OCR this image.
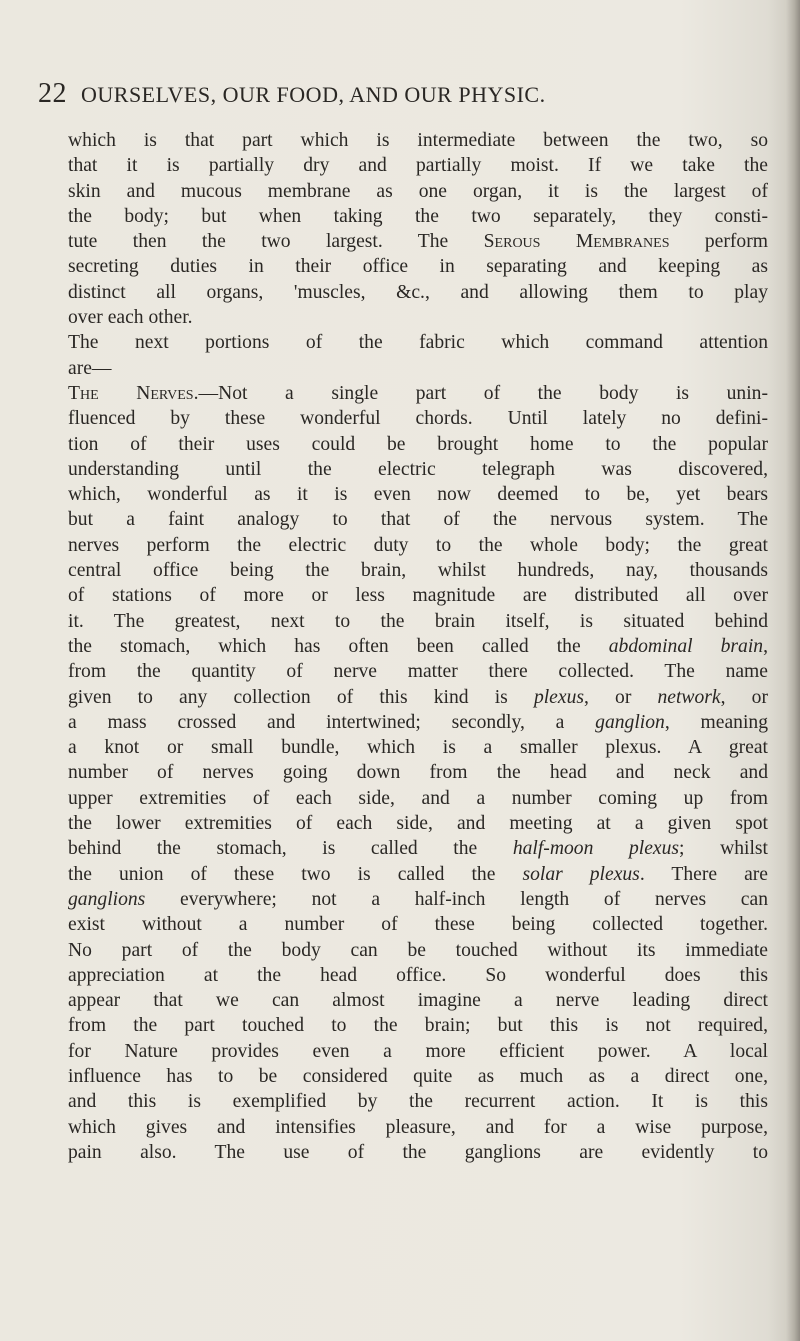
22 OURSELVES, OUR FOOD, AND OUR PHYSIC.
which is that part which is intermediate between the two, so
that it is partially dry and partially moist. If we take the
skin and mucous membrane as one organ, it is the largest of
the body; but when taking the two separately, they consti-
tute then the two largest. The Serous Membranes perform
secreting duties in their office in separating and keeping as
distinct all organs, 'muscles, &c., and allowing them to play
over each other.
The next portions of the fabric which command attention
are—
The Nerves.—Not a single part of the body is unin-
fluenced by these wonderful chords. Until lately no defini-
tion of their uses could be brought home to the popular
understanding until the electric telegraph was discovered,
which, wonderful as it is even now deemed to be, yet bears
but a faint analogy to that of the nervous system. The
nerves perform the electric duty to the whole body; the great
central office being the brain, whilst hundreds, nay, thousands
of stations of more or less magnitude are distributed all over
it. The greatest, next to the brain itself, is situated behind
the stomach, which has often been called the abdominal brain,
from the quantity of nerve matter there collected. The name
given to any collection of this kind is plexus, or network, or
a mass crossed and intertwined; secondly, a ganglion, meaning
a knot or small bundle, which is a smaller plexus. A great
number of nerves going down from the head and neck and
upper extremities of each side, and a number coming up from
the lower extremities of each side, and meeting at a given spot
behind the stomach, is called the half-moon plexus; whilst
the union of these two is called the solar plexus. There are
ganglions everywhere; not a half-inch length of nerves can
exist without a number of these being collected together.
No part of the body can be touched without its immediate
appreciation at the head office. So wonderful does this
appear that we can almost imagine a nerve leading direct
from the part touched to the brain; but this is not required,
for Nature provides even a more efficient power. A local
influence has to be considered quite as much as a direct one,
and this is exemplified by the recurrent action. It is this
which gives and intensifies pleasure, and for a wise purpose,
pain also. The use of the ganglions are evidently to
